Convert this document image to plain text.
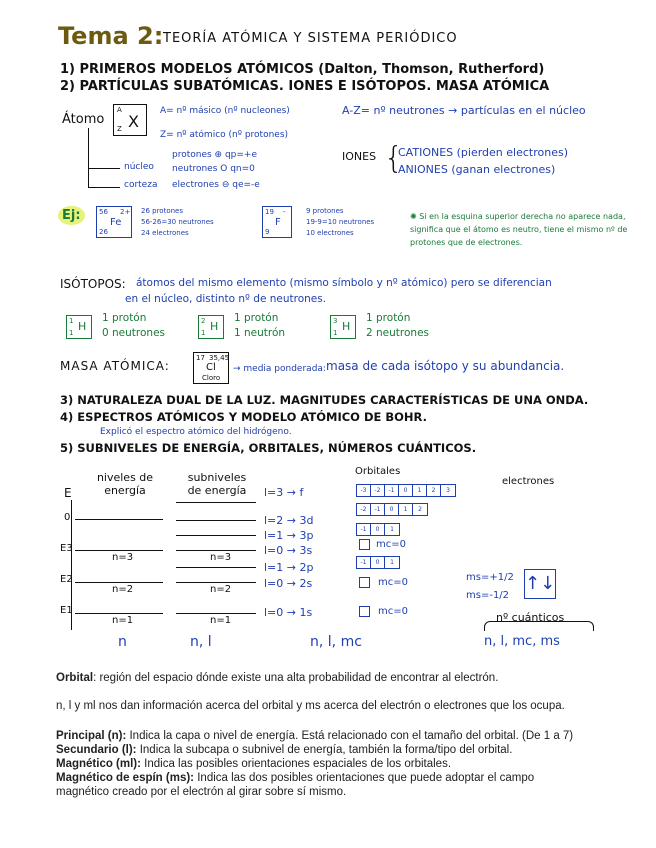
Tema 2: TEORÍA ATÓMICA Y SISTEMA PERIÓDICO
1) PRIMEROS MODELOS ATÓMICOS (Dalton, Thomson, Rutherford)
2) PARTÍCULAS SUBATÓMICAS. IONES E ISÓTOPOS. MASA ATÓMICA
Átomo
A
X
Z
A= nº másico (nº nucleones)
Z= nº atómico (nº protones)
A-Z= nº neutrones → partículas en el núcleo
núcleo
protones ⊕ qp=+e
neutrones O qn=0
corteza electrones ⊖ qe=-e
IONES {
CATIONES (pierden electrones)
ANIONES (ganan electrones)
Ej:	56 2+
Fe
26
26 protones
56-26=30 neutrones
24 electrones
19 -
F
9
9 protones
19-9=10 neutrones
10 electrones
✺ Si en la esquina superior derecha no aparece nada, significa que el átomo es neutro, tiene el mismo nº de protones que de electrones.
ISÓTOPOS: átomos del mismo elemento (mismo símbolo y nº atómico) pero se diferencian
en el núcleo, distinto nº de neutrones.
1
1 H
1 protón
0 neutrones
2
1 H
1 protón
1 neutrón
3
1 H
1 protón
2 neutrones
MASA ATÓMICA:
17 35,45
Cl
Cloro
→ media ponderada: masa de cada isótopo y su abundancia.
3) NATURALEZA DUAL DE LA LUZ. MAGNITUDES CARACTERÍSTICAS DE UNA ONDA.
4) ESPECTROS ATÓMICOS Y MODELO ATÓMICO DE BOHR.
Explicó el espectro atómico del hidrógeno.
5) SUBNIVELES DE ENERGÍA, ORBITALES, NÚMEROS CUÁNTICOS.
Orbitales
niveles de energía
subniveles de energía
electrones
E
0
E3
E2
E1
n=3
n=2
n=1
n=3
n=2
n=1
l=3 → f
l=2 → 3d
l=1 → 3p
l=0 → 3s
l=1 → 2p
l=0 → 2s
l=0 → 1s
-3	-2	-1	0	1	2	3
-2	-1	0	1	2
-1	0	1
mc=0
-1	0	1
mc=0
mc=0
ms=+1/2
ms=-1/2
↑↓
nº cuánticos
n, l, mc, ms
n	n, l	n, l, mc
Orbital: región del espacio dónde existe una alta probabilidad de encontrar al electrón.
n, l y ml nos dan información acerca del orbital y ms acerca del electrón o electrones que los ocupa.
Principal (n): Indica la capa o nivel de energía. Está relacionado con el tamaño del orbital. (De 1 a 7)
Secundario (l): Indica la subcapa o subnivel de energía, también la forma/tipo del orbital.
Magnético (ml): Indica las posibles orientaciones espaciales de los orbitales.
Magnético de espín (ms): Indica las dos posibles orientaciones que puede adoptar el campo
magnético creado por el electrón al girar sobre sí mismo.
